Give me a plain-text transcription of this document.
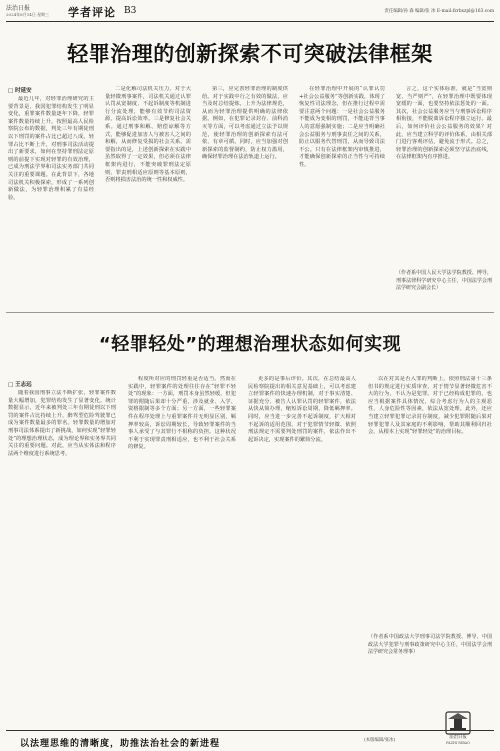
法治日报
2024年8月14日 星期三 学者评论 B3	责任编辑/孙 森 编辑/张 冰 E-mail:fzrbxzpl@163.com
轻罪治理的创新探索不可突破法律框架
□ 时延安

最近几年，对轻罪治理研究的主要背景是，我国犯罪结构发生了明显变化，重罪案件数量逐年下降，轻罪案件数量持续上升。按照最高人民检察院公布的数据，判处三年有期徒刑以下刑罚的案件占比已超过八成。轻罪占比不断上升，对刑事司法活动提出了新要求，如何在坚持罪刑法定原则的前提下实现对轻罪的有效治理，已成为刑法学界和司法实务部门共同关注的重要课题。在此背景下，各地司法机关积极探索，形成了一系列创新做法，为轻罪治理积累了有益经验。

二是化解司法机关压力。对于大量轻微刑事案件，司法机关通过认罪认罚从宽制度、不起诉制度等机制进行分流处理，能够有效节约司法资源，提高诉讼效率。三是修复社会关系。通过刑事和解、赔偿谅解等方式，能够促进加害人与被害人之间的和解，从而修复受损的社会关系。需要指出的是，上述创新探索在实践中虽然取得了一定效果，但必须在法律框架内进行，不能突破罪刑法定原则、罪责刑相适应原则等基本原则，否则将损害法治的统一性和权威性。

第三，应完善轻罪治理的制度供给。对于实践中行之有效的做法，应当及时总结提炼，上升为法律规范，从而为轻罪治理提供明确的法律依据。例如，在犯罪记录封存、前科消灭等方面，可以考虑通过立法予以规范，使轻罪治理的创新探索有法可依、有章可循。同时，应当加强对创新探索的监督制约，防止权力滥用，确保轻罪治理在法治轨道上运行。

在轻罪治理中开展的“认罪认罚+社会公益服务”等创新实践，体现了恢复性司法理念，但在推行过程中需要注意两个问题：一是社会公益服务不能成为变相的刑罚，不能违背当事人的意愿强制实施；二是应当明确社会公益服务与刑事责任之间的关系，防止以服务代替刑罚，从而导致司法不公。只有在法律框架内审慎推进，才能确保创新探索的正当性与可持续性。

言之，这个实体标准，就是“当宽则宽、当严则严”，在轻罪治理中既要体现宽缓的一面，也要坚持依法惩处的一面。其次，社会公益服务应当与刑事诉讼程序相衔接，不能脱离诉讼程序独立运行。最后，如何评价社会公益服务的效果？对此，应当建立科学的评价体系，由相关部门进行客观评估，避免流于形式。总之，轻罪治理的创新探索必须坚守法治底线，在法律框架内有序推进。

（作者系中国人民大学法学院教授、博导，刑事法律科学研究中心主任，中国法学会刑法学研究会副会长）
“轻罪轻处”的理想治理状态如何实现
□ 王志远

随着我国刑事立法不断扩张，轻罪案件数量大幅增加，犯罪结构发生了显著变化。统计数据显示，近年来被判处三年有期徒刑以下刑罚的案件占比持续上升，醉驾型危险驾驶罪已成为案件数量最多的罪名。轻罪数量的增加对刑事司法体系提出了新挑战，如何实现“轻罪轻处”的理想治理状态，成为理论界和实务界共同关注的重要问题。对此，应当从实体法和程序法两个维度进行系统思考。

程度所对应的刑罚轻重是否适当。然而在实践中，轻罪案件的处理往往存在“轻罪不轻处”的现象：一方面，刑罚本身虽然轻缓，但犯罪的附随后果却十分严重，涉及就业、入学、资格限制等多个方面；另一方面，一些轻罪案件在程序处理上与重罪案件并无明显区别，羁押率较高，诉讼周期较长，导致轻罪案件的当事人承受了与其罪行不相称的负担。这种状况不利于实现罪责刑相适应，也不利于社会关系的修复。

更多的是事后评价。其次，在总结最高人民检察院提出的相关意见基础上，可以考虑建立轻罪案件的快速办理机制，对于事实清楚、证据充分、被告人认罪认罚的轻罪案件，依法从快从简办理，缩短诉讼周期，降低羁押率。同时，应当进一步完善不起诉制度，扩大相对不起诉的适用范围，对于犯罪情节轻微、依照刑法规定不需要判处刑罚的案件，依法作出不起诉决定，实现案件的繁简分流。

以在对其是否入罪的判断上，依照刑法第十三条但书的规定进行实质审查，对于情节显著轻微危害不大的行为，不认为是犯罪。对于已经构成犯罪的，也应当根据案件具体情况，综合考虑行为人的主观恶性、人身危险性等因素，依法从宽处理。此外，还应当建立轻罪犯罪记录封存制度，减少犯罪附随后果对轻罪犯罪人及其家庭的不利影响，帮助其顺利回归社会，从根本上实现“轻罪轻处”的治理目标。

（作者系中国政法大学刑事司法学院教授、博导，中国政法大学犯罪与刑事政策研究中心主任，中国法学会刑法学研究会常务理事）
以法理思维的清晰度，助推法治社会的新进程	(本版编辑/张冰)
法治日报
FAZHI RIBAO
